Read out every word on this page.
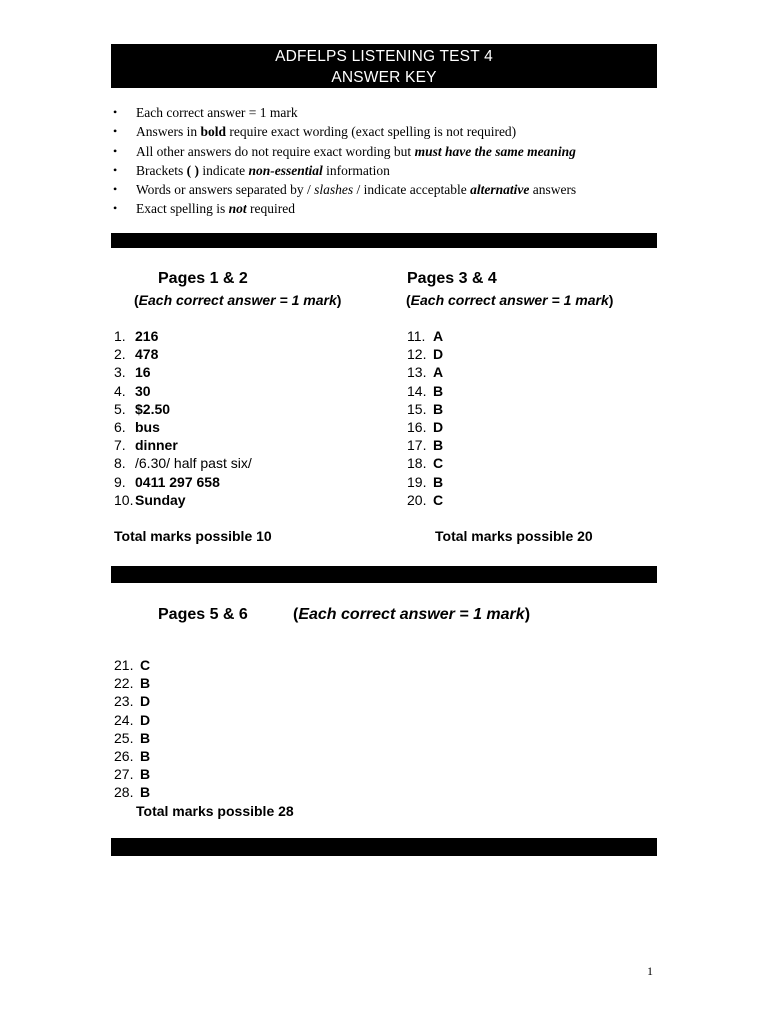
ADFELPS LISTENING TEST 4
ANSWER KEY
• Each correct answer = 1 mark
• Answers in bold require exact wording (exact spelling is not required)
• All other answers do not require exact wording but must have the same meaning
• Brackets ( ) indicate non-essential information
• Words or answers separated by / slashes / indicate acceptable alternative answers
• Exact spelling is not required
Pages 1 & 2
(Each correct answer = 1 mark)
1. 216
2. 478
3. 16
4. 30
5. $2.50
6. bus
7. dinner
8. /6.30/ half past six/
9. 0411 297 658
10. Sunday
Total marks possible 10
Pages 3 & 4
(Each correct answer = 1 mark)
11. A
12. D
13. A
14. B
15. B
16. D
17. B
18. C
19. B
20. C
Total marks possible 20
Pages 5 & 6	(Each correct answer = 1 mark)
21. C
22. B
23. D
24. D
25. B
26. B
27. B
28. B
Total marks possible 28
1
